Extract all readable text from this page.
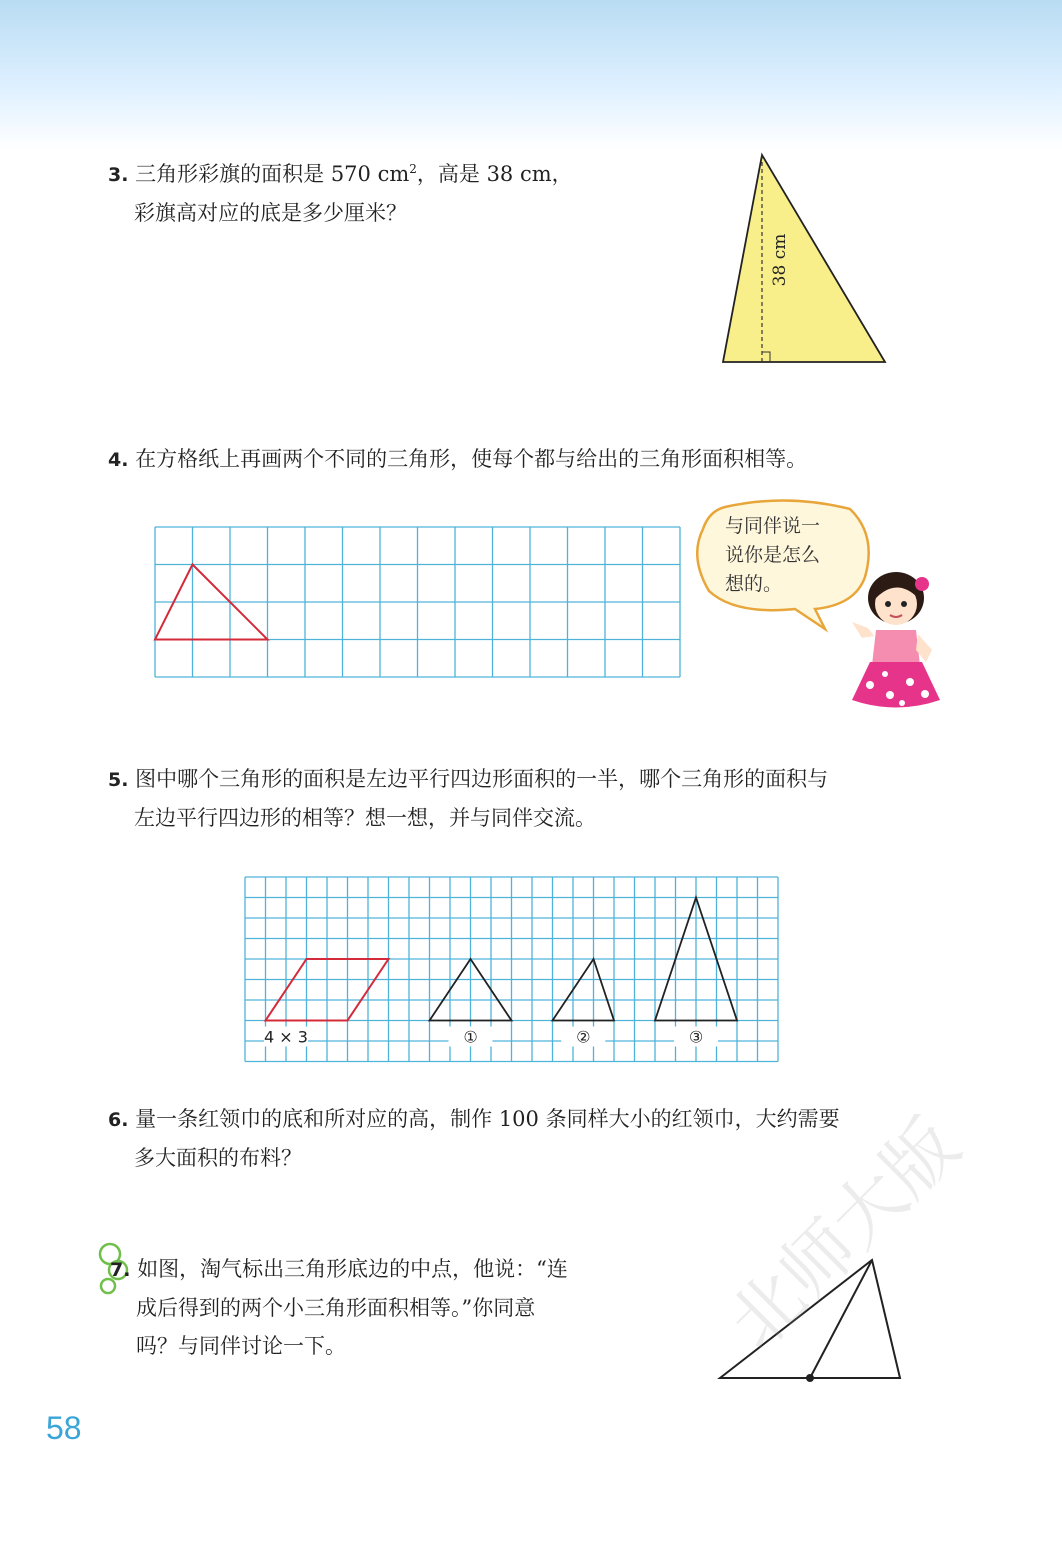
3. 三角形彩旗的面积是 570 $cm^2$，高是 38 cm，
彩旗高对应的底是多少厘米？
38 cm
4. 在方格纸上再画两个不同的三角形，使每个都与给出的三角形面积相等。
与同伴说一
说你是怎么
想的。
5. 图中哪个三角形的面积是左边平行四边形面积的一半，哪个三角形的面积与
左边平行四边形的相等？想一想，并与同伴交流。
4 × 3	①	②	③
6. 量一条红领巾的底和所对应的高，制作 100 条同样大小的红领巾，大约需要
多大面积的布料？
7. 如图，淘气标出三角形底边的中点，他说：“连
成后得到的两个小三角形面积相等。”你同意
吗？与同伴讨论一下。
58
北师大版
